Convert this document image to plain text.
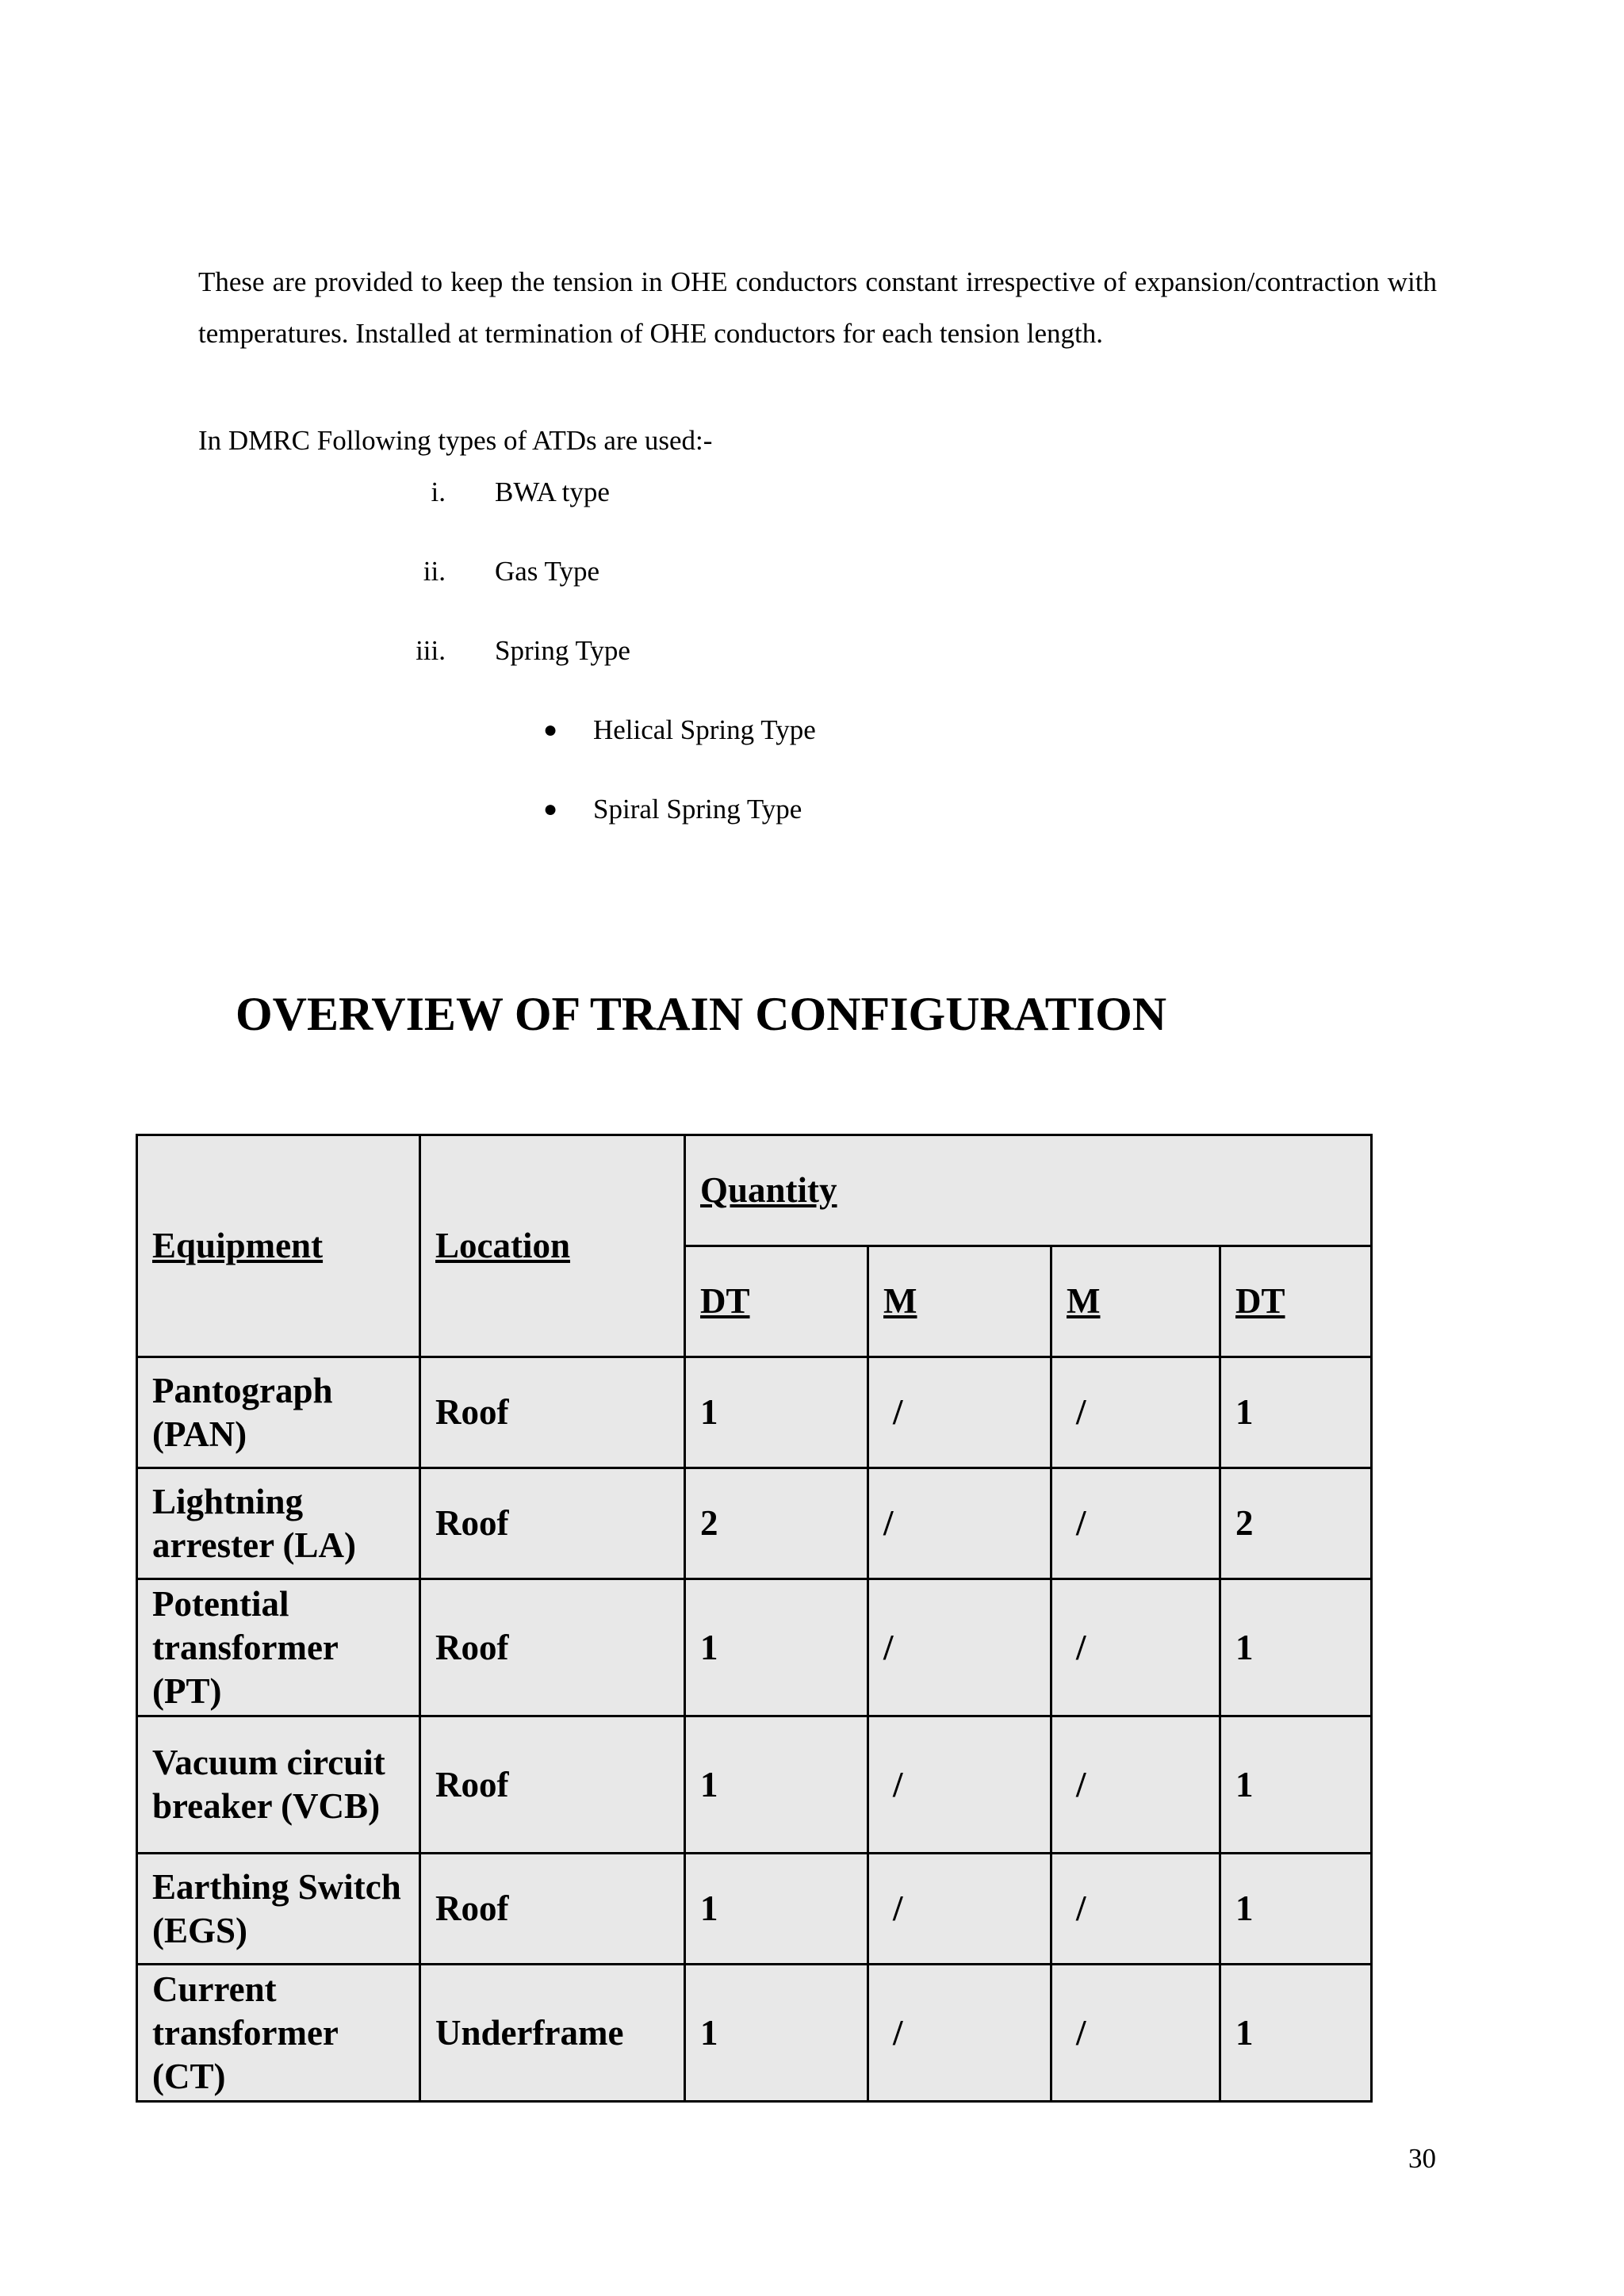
These are provided to keep the tension in OHE conductors constant irrespective of expansion/contraction with temperatures. Installed at termination of OHE conductors for each tension length.
In DMRC Following types of ATDs are used:-
i. BWA type
ii. Gas Type
iii. Spring Type
● Helical Spring Type
● Spiral Spring Type
OVERVIEW OF TRAIN CONFIGURATION
Equipment	Location	Quantity			
		DT	M	M	DT
Pantograph (PAN)	Roof	1	/	/	1
Lightning arrester (LA)	Roof	2	/	/	2
Potential transformer (PT)	Roof	1	/	/	1
Vacuum circuit breaker (VCB)	Roof	1	/	/	1
Earthing Switch (EGS)	Roof	1	/	/	1
Current transformer (CT)	Underframe	1	/	/	1
30
